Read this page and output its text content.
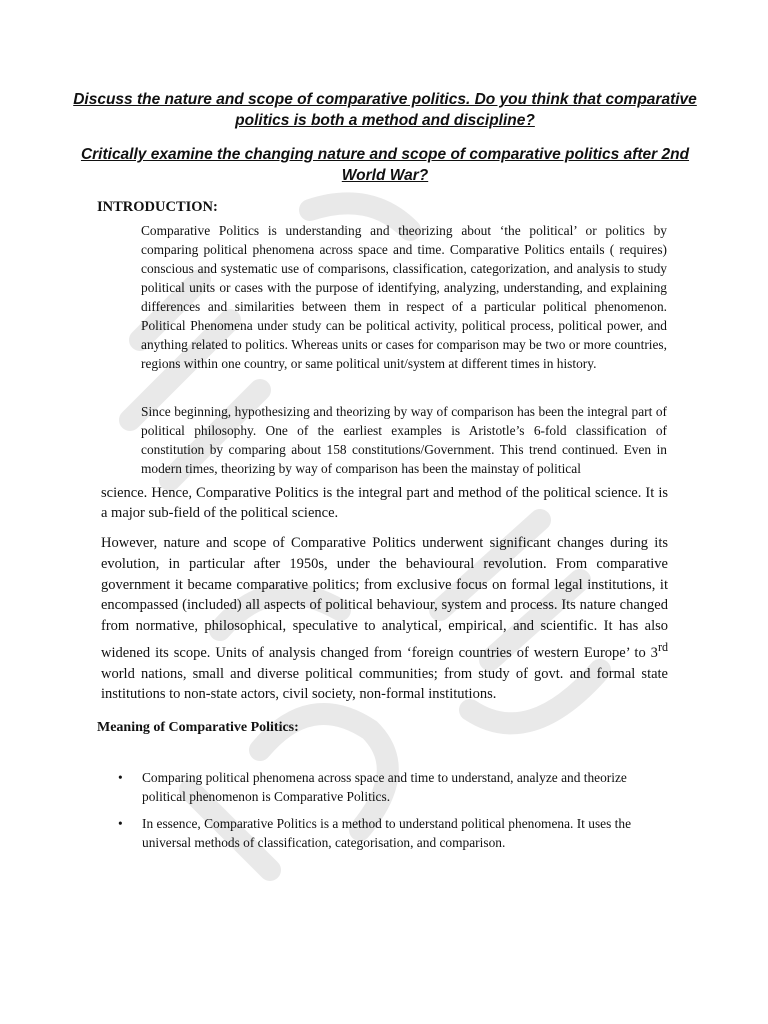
Discuss the nature and scope of comparative politics. Do you think that comparative politics is both a method and discipline?
Critically examine the changing nature and scope of comparative politics after 2nd World War?
INTRODUCTION:

Comparative Politics is understanding and theorizing about ‘the political’ or politics by comparing political phenomena across space and time. Comparative Politics entails ( requires) conscious and systematic use of comparisons, classification, categorization, and analysis to study political units or cases with the purpose of identifying, analyzing, understanding, and explaining differences and similarities between them in respect of a particular political phenomenon. Political Phenomena under study can be political activity, political process, political power, and anything related to politics. Whereas units or cases for comparison may be two or more countries, regions within one country, or same political unit/system at different times in history.

Since beginning, hypothesizing and theorizing by way of comparison has been the integral part of political philosophy. One of the earliest examples is Aristotle’s 6-fold classification of constitution by comparing about 158 constitutions/Government. This trend continued. Even in modern times, theorizing by way of comparison has been the mainstay of political

science. Hence, Comparative Politics is the integral part and method of the political science. It is a major sub-field of the political science.

However, nature and scope of Comparative Politics underwent significant changes during its evolution, in particular after 1950s, under the behavioural revolution. From comparative government it became comparative politics; from exclusive focus on formal legal institutions, it encompassed (included) all aspects of political behaviour, system and process. Its nature changed from normative, philosophical, speculative to analytical, empirical, and scientific. It has also widened its scope. Units of analysis changed from ‘foreign countries of western Europe’ to 3rd world nations, small and diverse political communities; from study of govt. and formal state institutions to non-state actors, civil society, non-formal institutions.

Meaning of Comparative Politics:
• Comparing political phenomena across space and time to understand, analyze and theorize political phenomenon is Comparative Politics.
• In essence, Comparative Politics is a method to understand political phenomena. It uses the universal methods of classification, categorisation, and comparison.
